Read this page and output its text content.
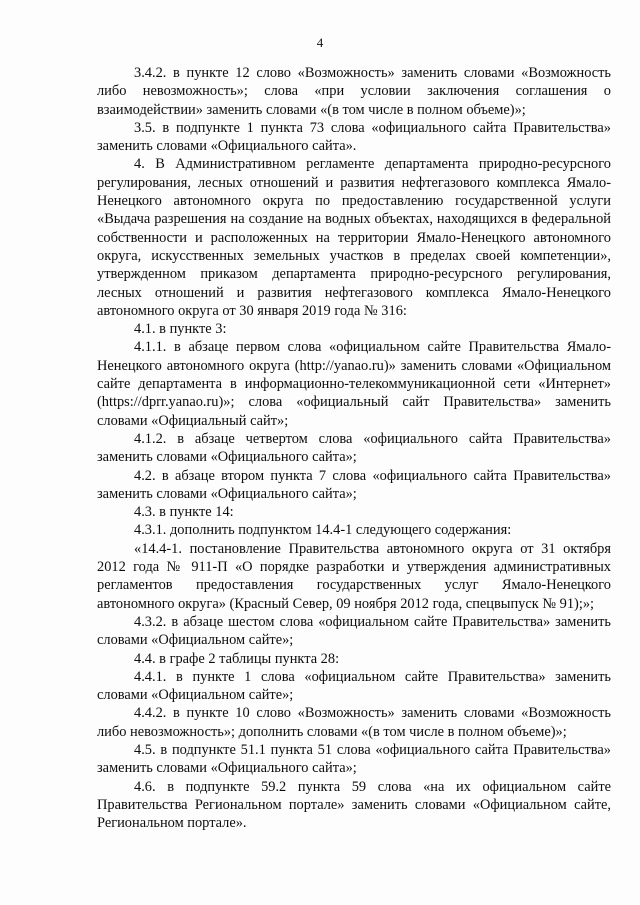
4

3.4.2. в пункте 12 слово «Возможность» заменить словами «Возможность либо невозможность»; слова «при условии заключения соглашения о взаимодействии» заменить словами «(в том числе в полном объеме)»;

3.5. в подпункте 1 пункта 73 слова «официального сайта Правительства» заменить словами «Официального сайта».

4. В Административном регламенте департамента природно-ресурсного регулирования, лесных отношений и развития нефтегазового комплекса Ямало-Ненецкого автономного округа по предоставлению государственной услуги «Выдача разрешения на создание на водных объектах, находящихся в федеральной собственности и расположенных на территории Ямало-Ненецкого автономного округа, искусственных земельных участков в пределах своей компетенции», утвержденном приказом департамента природно-ресурсного регулирования, лесных отношений и развития нефтегазового комплекса Ямало-Ненецкого автономного округа от 30 января 2019 года № 316:

4.1. в пункте 3:

4.1.1. в абзаце первом слова «официальном сайте Правительства Ямало-Ненецкого автономного округа (http://yanao.ru)» заменить словами «Официальном сайте департамента в информационно-телекоммуникационной сети «Интернет» (https://dprr.yanao.ru)»; слова «официальный сайт Правительства» заменить словами «Официальный сайт»;

4.1.2. в абзаце четвертом слова «официального сайта Правительства» заменить словами «Официального сайта»;

4.2. в абзаце втором пункта 7 слова «официального сайта Правительства» заменить словами «Официального сайта»;

4.3. в пункте 14:

4.3.1. дополнить подпунктом 14.4-1 следующего содержания:

«14.4-1. постановление Правительства автономного округа от 31 октября 2012 года № 911-П «О порядке разработки и утверждения административных регламентов предоставления государственных услуг Ямало-Ненецкого автономного округа» (Красный Север, 09 ноября 2012 года, спецвыпуск № 91);»;

4.3.2. в абзаце шестом слова «официальном сайте Правительства» заменить словами «Официальном сайте»;

4.4. в графе 2 таблицы пункта 28:

4.4.1. в пункте 1 слова «официальном сайте Правительства» заменить словами «Официальном сайте»;

4.4.2. в пункте 10 слово «Возможность» заменить словами «Возможность либо невозможность»; дополнить словами «(в том числе в полном объеме)»;

4.5. в подпункте 51.1 пункта 51 слова «официального сайта Правительства» заменить словами «Официального сайта»;

4.6. в подпункте 59.2 пункта 59 слова «на их официальном сайте Правительства Региональном портале» заменить словами «Официальном сайте, Региональном портале».
